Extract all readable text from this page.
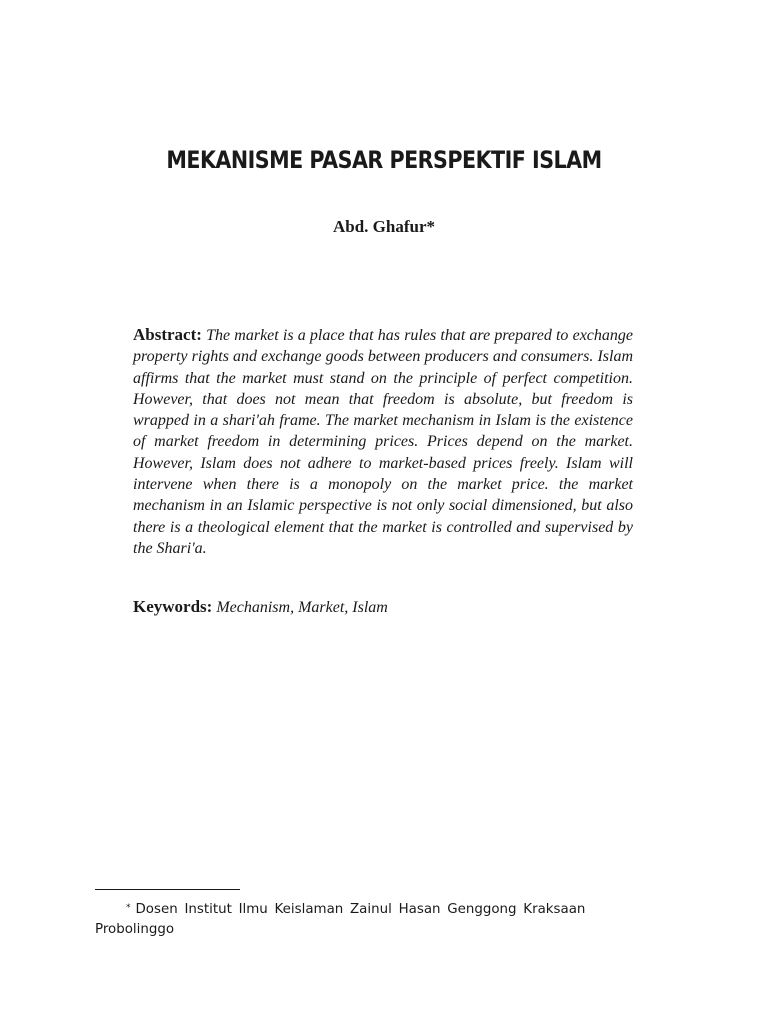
MEKANISME PASAR PERSPEKTIF ISLAM
Abd. Ghafur*

Abstract: The market is a place that has rules that are prepared to exchange property rights and exchange goods between producers and consumers. Islam affirms that the market must stand on the principle of perfect competition. However, that does not mean that freedom is absolute, but freedom is wrapped in a shari'ah frame. The market mechanism in Islam is the existence of market freedom in determining prices. Prices depend on the market. However, Islam does not adhere to market-based prices freely. Islam will intervene when there is a monopoly on the market price. the market mechanism in an Islamic perspective is not only social dimensioned, but also there is a theological element that the market is controlled and supervised by the Shari'a.

Keywords: Mechanism, Market, Islam

* Dosen Institut Ilmu Keislaman Zainul Hasan Genggong Kraksaan
Probolinggo
